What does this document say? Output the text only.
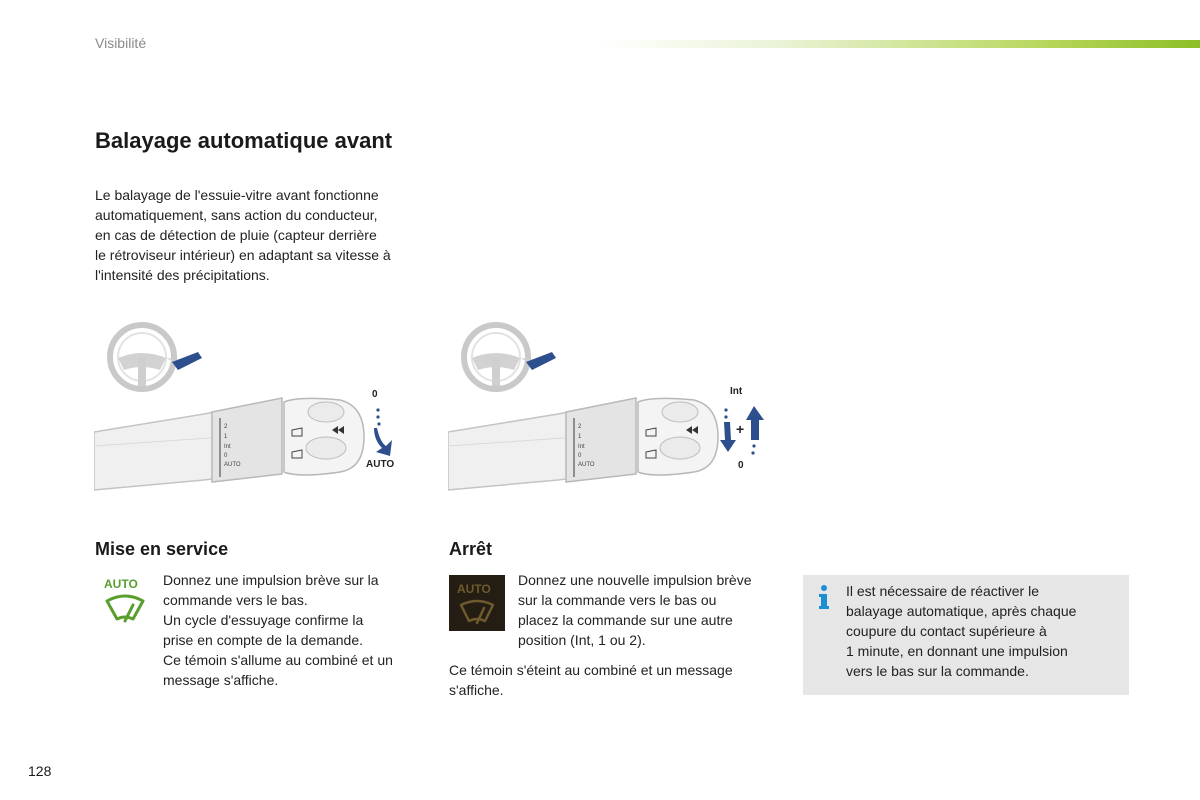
Visibilité
Balayage automatique avant
Le balayage de l'essuie-vitre avant fonctionne
automatiquement, sans action du conducteur,
en cas de détection de pluie (capteur derrière
le rétroviseur intérieur) en adaptant sa vitesse à
l'intensité des précipitations.
2
1
Int
0
AUTO
0
AUTO
2
1
Int
0
AUTO
Int
+
0
Mise en service
AUTO Donnez une impulsion brève sur la
commande vers le bas.
Un cycle d'essuyage confirme la
prise en compte de la demande.
Ce témoin s'allume au combiné et un
message s'affiche.
Arrêt
AUTO
Donnez une nouvelle impulsion brève
sur la commande vers le bas ou
placez la commande sur une autre
position (Int, 1 ou 2).
Ce témoin s'éteint au combiné et un message
s'affiche.
Il est nécessaire de réactiver le
balayage automatique, après chaque
coupure du contact supérieure à
1 minute, en donnant une impulsion
vers le bas sur la commande.
128
